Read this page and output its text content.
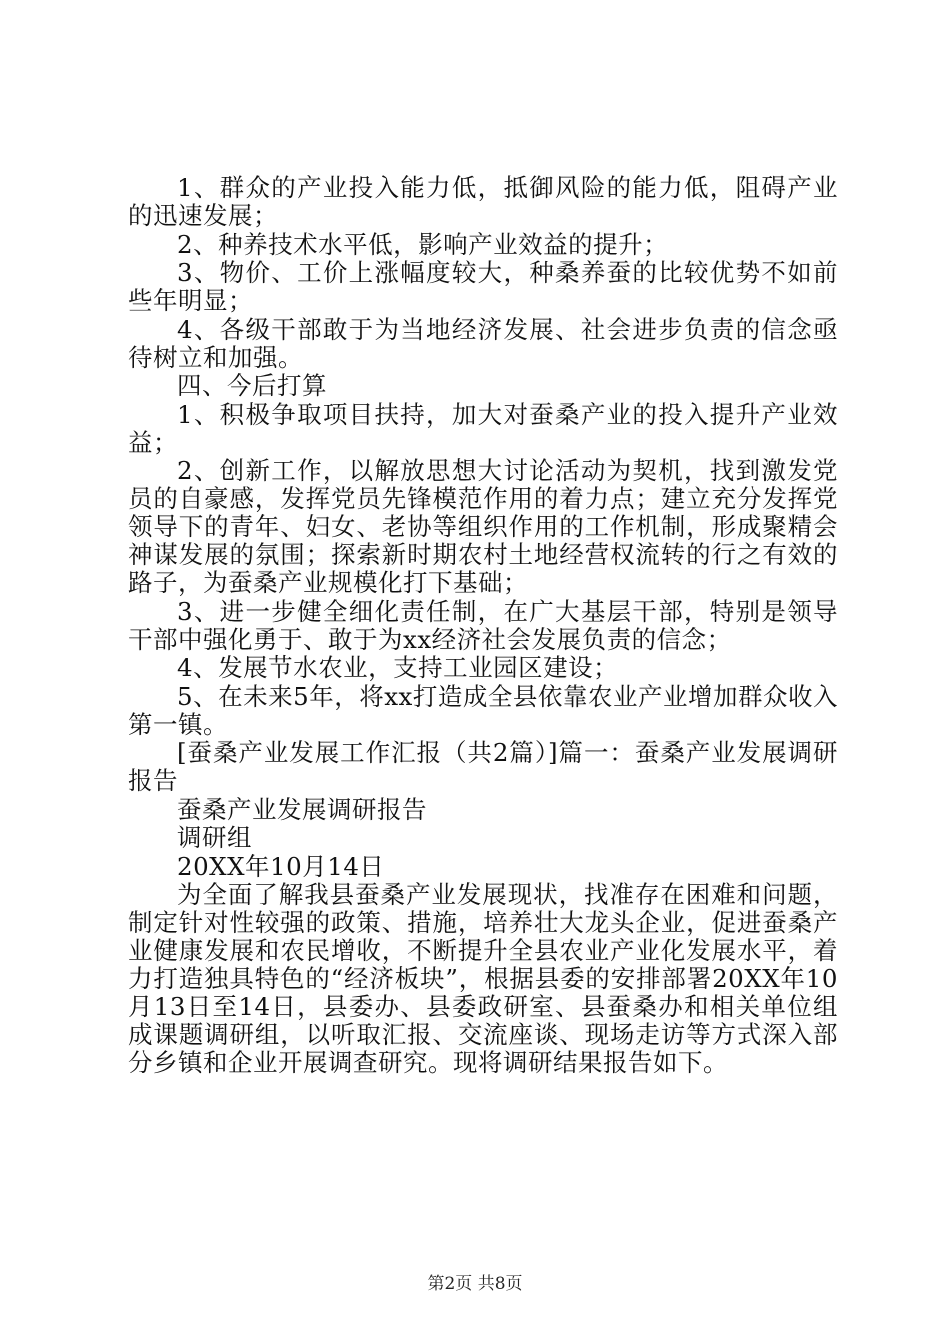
1、群众的产业投入能力低，抵御风险的能力低，阻碍产业的迅速发展；

2、种养技术水平低，影响产业效益的提升；

3、物价、工价上涨幅度较大，种桑养蚕的比较优势不如前些年明显；

4、各级干部敢于为当地经济发展、社会进步负责的信念亟待树立和加强。

四、今后打算

1、积极争取项目扶持，加大对蚕桑产业的投入提升产业效益；

2、创新工作，以解放思想大讨论活动为契机，找到激发党员的自豪感，发挥党员先锋模范作用的着力点；建立充分发挥党领导下的青年、妇女、老协等组织作用的工作机制，形成聚精会神谋发展的氛围；探索新时期农村土地经营权流转的行之有效的路子，为蚕桑产业规模化打下基础；

3、进一步健全细化责任制，在广大基层干部，特别是领导干部中强化勇于、敢于为xx经济社会发展负责的信念；

4、发展节水农业，支持工业园区建设；

5、在未来5年，将xx打造成全县依靠农业产业增加群众收入第一镇。

[蚕桑产业发展工作汇报（共2篇）]篇一：蚕桑产业发展调研报告

蚕桑产业发展调研报告

调研组

20XX年10月14日

为全面了解我县蚕桑产业发展现状，找准存在困难和问题，制定针对性较强的政策、措施，培养壮大龙头企业，促进蚕桑产业健康发展和农民增收，不断提升全县农业产业化发展水平，着力打造独具特色的“经济板块”，根据县委的安排部署20XX年10月13日至14日，县委办、县委政研室、县蚕桑办和相关单位组成课题调研组，以听取汇报、交流座谈、现场走访等方式深入部分乡镇和企业开展调查研究。现将调研结果报告如下。

第2页 共8页
